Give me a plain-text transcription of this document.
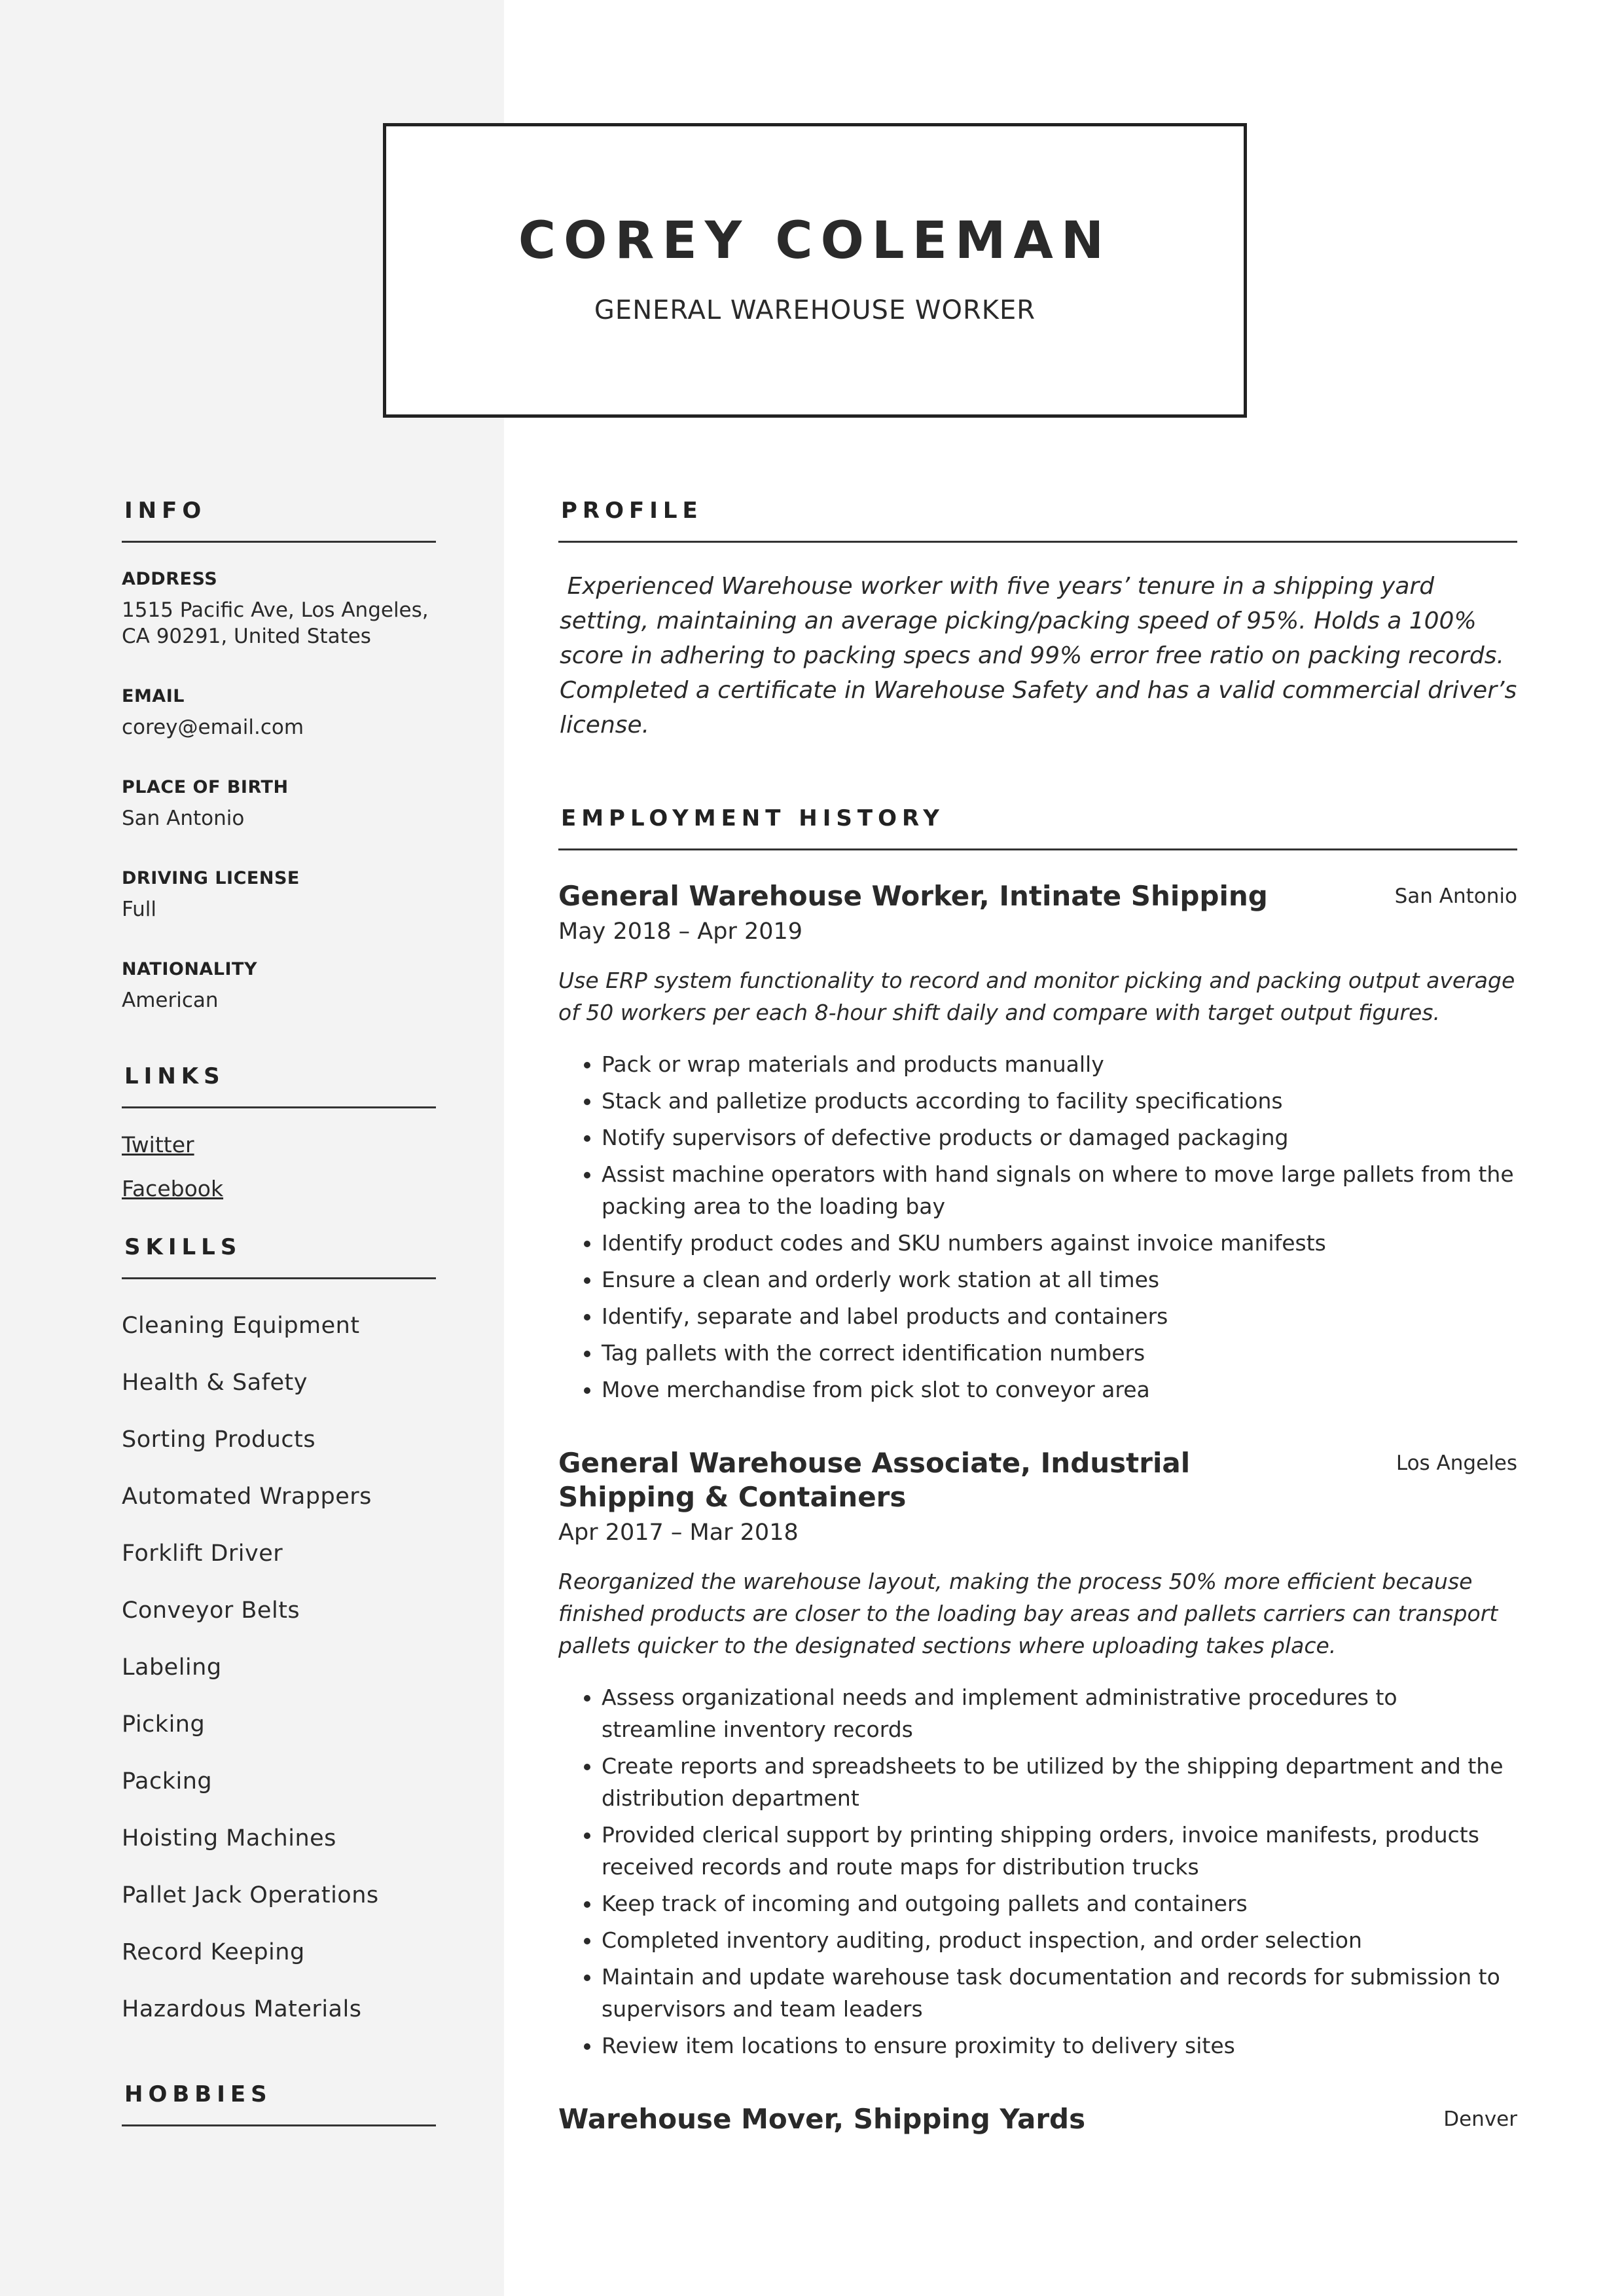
COREY COLEMAN
GENERAL WAREHOUSE WORKER
INFO
ADDRESS
1515 Pacific Ave, Los Angeles, CA 90291, United States
EMAIL
corey@email.com
PLACE OF BIRTH
San Antonio
DRIVING LICENSE
Full
NATIONALITY
American
LINKS
Twitter
Facebook
SKILLS
Cleaning Equipment
Health & Safety
Sorting Products
Automated Wrappers
Forklift Driver
Conveyor Belts
Labeling
Picking
Packing
Hoisting Machines
Pallet Jack Operations
Record Keeping
Hazardous Materials
HOBBIES
PROFILE
Experienced Warehouse worker with five years’ tenure in a shipping yard setting, maintaining an average picking/packing speed of 95%. Holds a 100% score in adhering to packing specs and 99% error free ratio on packing records. Completed a certificate in Warehouse Safety and has a valid commercial driver’s license.
EMPLOYMENT HISTORY
General Warehouse Worker, Intinate Shipping	San Antonio
May 2018 – Apr 2019
Use ERP system functionality to record and monitor picking and packing output average of 50 workers per each 8-hour shift daily and compare with target output figures.
• Pack or wrap materials and products manually
• Stack and palletize products according to facility specifications
• Notify supervisors of defective products or damaged packaging
• Assist machine operators with hand signals on where to move large pallets from the packing area to the loading bay
• Identify product codes and SKU numbers against invoice manifests
• Ensure a clean and orderly work station at all times
• Identify, separate and label products and containers
• Tag pallets with the correct identification numbers
• Move merchandise from pick slot to conveyor area
General Warehouse Associate, Industrial Shipping & Containers
Los Angeles
Apr 2017 – Mar 2018
Reorganized the warehouse layout, making the process 50% more efficient because finished products are closer to the loading bay areas and pallets carriers can transport pallets quicker to the designated sections where uploading takes place.
• Assess organizational needs and implement administrative procedures to streamline inventory records
• Create reports and spreadsheets to be utilized by the shipping department and the distribution department
• Provided clerical support by printing shipping orders, invoice manifests, products received records and route maps for distribution trucks
• Keep track of incoming and outgoing pallets and containers
• Completed inventory auditing, product inspection, and order selection
• Maintain and update warehouse task documentation and records for submission to supervisors and team leaders
• Review item locations to ensure proximity to delivery sites
Warehouse Mover, Shipping Yards	Denver
